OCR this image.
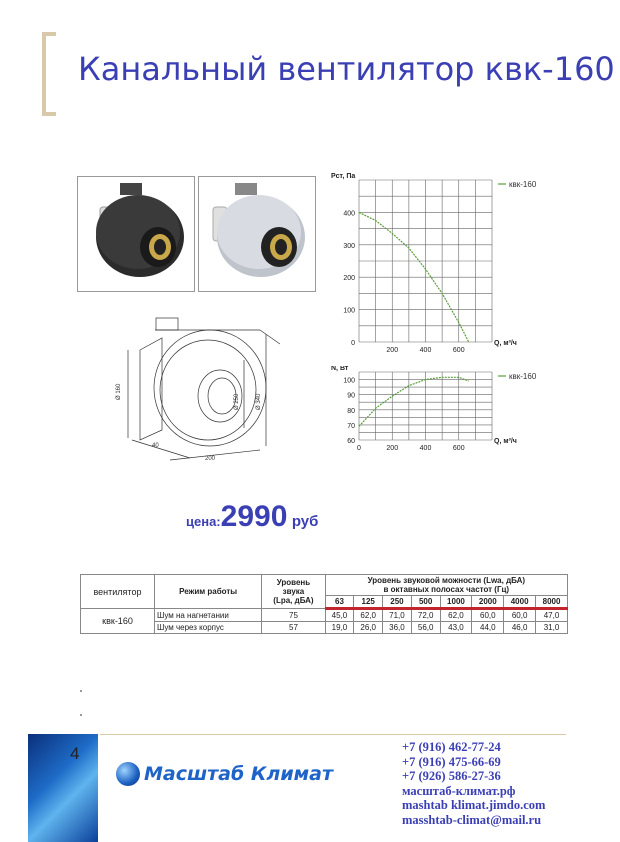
Канальный вентилятор квк-160
Ø 160
Ø 250	Ø 340
200
40
0
100
200
300
400
200	400	600
Рст, Па
Q, м³/ч
квк-160
60
70
80
90
100
0	200	400	600
N, Вт
Q, м³/ч
квк-160
цена:2990 руб
вентилятор	Режим работы	Уровень
звука
(Lpa, дБА)	Уровень звуковой можности (Lwa, дБА)
в октавных полосах частот (Гц)							
			63	125	250	500	1000	2000	4000	8000
квк-160	Шум на нагнетании	75	45,0	62,0	71,0	72,0	62,0	60,0	60,0	47,0
	Шум через корпус	57	19,0	26,0	36,0	56,0	43,0	44,0	46,0	31,0
4
Масштаб Климат
+7 (916) 462-77-24
+7 (916) 475-66-69
+7 (926) 586-27-36
масштаб-климат.рф
mashtab klimat.jimdo.com
masshtab-climat@mail.ru
